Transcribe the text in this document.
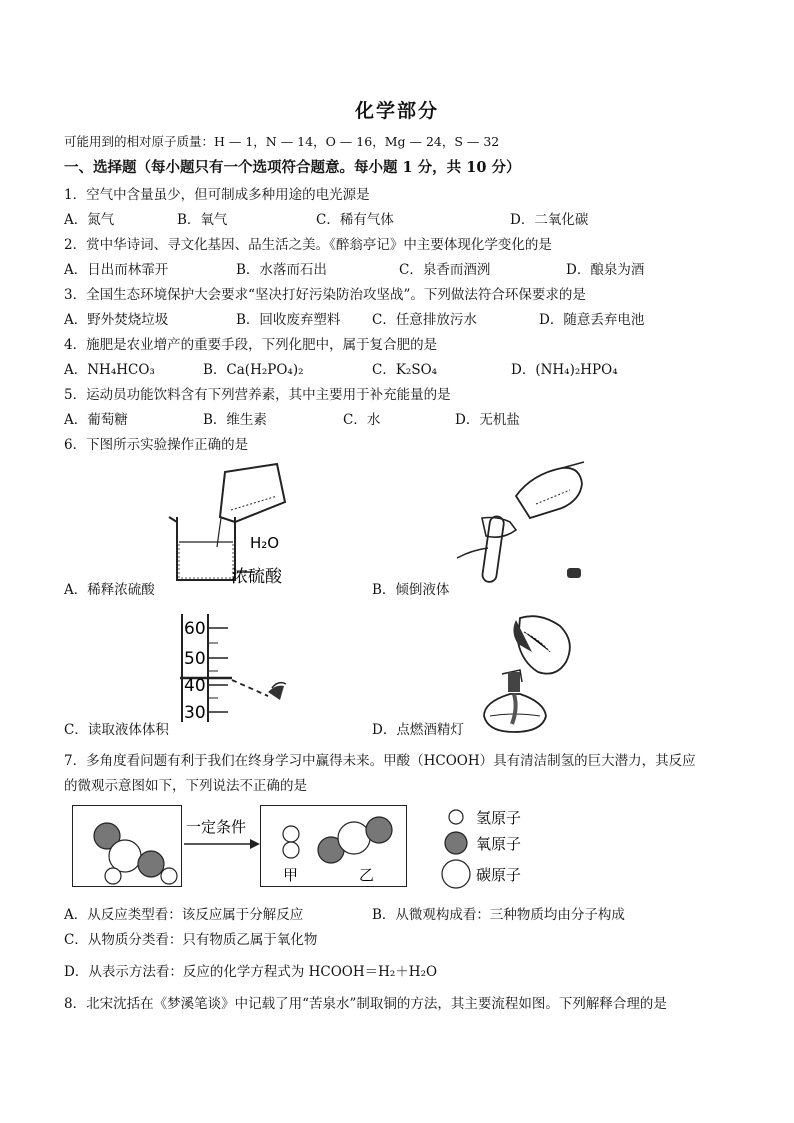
化学部分
可能用到的相对原子质量：H — 1，N — 14，O — 16，Mg — 24，S — 32
一、选择题（每小题只有一个选项符合题意。每小题 1 分，共 10 分）
1．空气中含量虽少，但可制成多种用途的电光源是
A．氮气	B．氧气	C．稀有气体	D．二氧化碳
2．赏中华诗词、寻文化基因、品生活之美。《醉翁亭记》中主要体现化学变化的是
A．日出而林霏开	B．水落而石出	C．泉香而酒洌	D．酿泉为酒
3．全国生态环境保护大会要求“坚决打好污染防治攻坚战”。下列做法符合环保要求的是
A．野外焚烧垃圾	B．回收废弃塑料 C．任意排放污水	D．随意丢弃电池
4．施肥是农业增产的重要手段，下列化肥中，属于复合肥的是
A．NH₄HCO₃	B．Ca(H₂PO₄)₂	C．K₂SO₄	D．(NH₄)₂HPO₄
5．运动员功能饮料含有下列营养素，其中主要用于补充能量的是
A．葡萄糖	B．维生素	C．水	D．无机盐
6．下图所示实验操作正确的是
H₂O
浓硫酸
A．稀释浓硫酸	B．倾倒液体
60
50
40
30
C．读取液体体积	D．点燃酒精灯
7．多角度看问题有利于我们在终身学习中赢得未来。甲酸（HCOOH）具有清洁制氢的巨大潜力，其反应
的微观示意图如下，下列说法不正确的是
一定条件
甲	乙
氢原子
氧原子
碳原子
A．从反应类型看：该反应属于分解反应	B．从微观构成看：三种物质均由分子构成
C．从物质分类看：只有物质乙属于氧化物
D．从表示方法看：反应的化学方程式为 HCOOH＝H₂＋H₂O
8．北宋沈括在《梦溪笔谈》中记载了用“苦泉水”制取铜的方法，其主要流程如图。下列解释合理的是
